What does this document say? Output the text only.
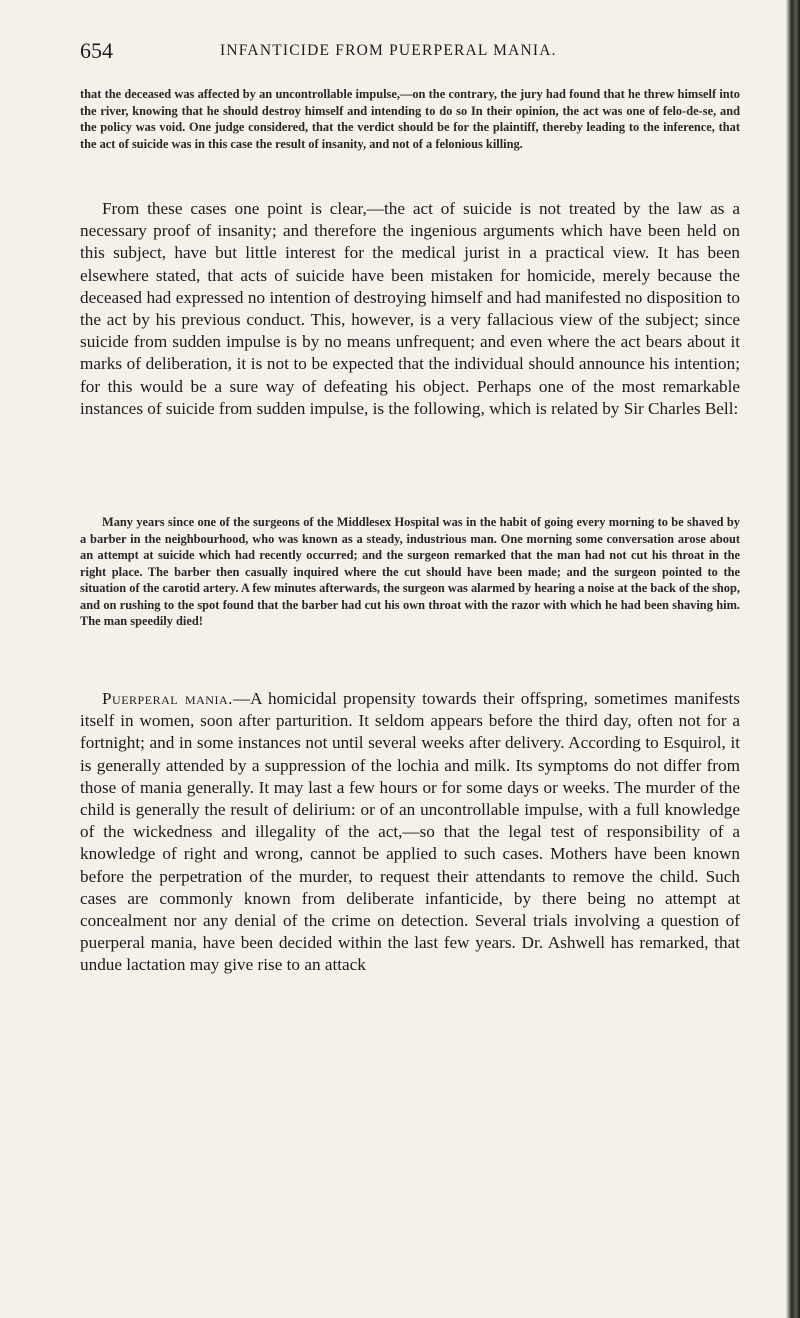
654	INFANTICIDE FROM PUERPERAL MANIA.

that the deceased was affected by an uncontrollable impulse,—on the contrary, the jury had found that he threw himself into the river, knowing that he should destroy himself and intending to do so In their opinion, the act was one of felo-de-se, and the policy was void. One judge considered, that the verdict should be for the plaintiff, thereby leading to the inference, that the act of suicide was in this case the result of insanity, and not of a felonious killing.

From these cases one point is clear,—the act of suicide is not treated by the law as a necessary proof of insanity; and therefore the ingenious arguments which have been held on this subject, have but little interest for the medical jurist in a practical view. It has been elsewhere stated, that acts of suicide have been mistaken for homicide, merely because the deceased had expressed no intention of destroying himself and had manifested no disposition to the act by his previous conduct. This, however, is a very fallacious view of the subject; since suicide from sudden impulse is by no means unfrequent; and even where the act bears about it marks of deliberation, it is not to be expected that the individual should announce his intention; for this would be a sure way of defeating his object. Perhaps one of the most remarkable instances of suicide from sudden impulse, is the following, which is related by Sir Charles Bell:

Many years since one of the surgeons of the Middlesex Hospital was in the habit of going every morning to be shaved by a barber in the neighbourhood, who was known as a steady, industrious man. One morning some conversation arose about an attempt at suicide which had recently occurred; and the surgeon remarked that the man had not cut his throat in the right place. The barber then casually inquired where the cut should have been made; and the surgeon pointed to the situation of the carotid artery. A few minutes afterwards, the surgeon was alarmed by hearing a noise at the back of the shop, and on rushing to the spot found that the barber had cut his own throat with the razor with which he had been shaving him. The man speedily died!

Puerperal mania.—A homicidal propensity towards their offspring, sometimes manifests itself in women, soon after parturition. It seldom appears before the third day, often not for a fortnight; and in some instances not until several weeks after delivery. According to Esquirol, it is generally attended by a suppression of the lochia and milk. Its symptoms do not differ from those of mania generally. It may last a few hours or for some days or weeks. The murder of the child is generally the result of delirium: or of an uncontrollable impulse, with a full knowledge of the wickedness and illegality of the act,—so that the legal test of responsibility of a knowledge of right and wrong, cannot be applied to such cases. Mothers have been known before the perpetration of the murder, to request their attendants to remove the child. Such cases are commonly known from deliberate infanticide, by there being no attempt at concealment nor any denial of the crime on detection. Several trials involving a question of puerperal mania, have been decided within the last few years. Dr. Ashwell has remarked, that undue lactation may give rise to an attack
